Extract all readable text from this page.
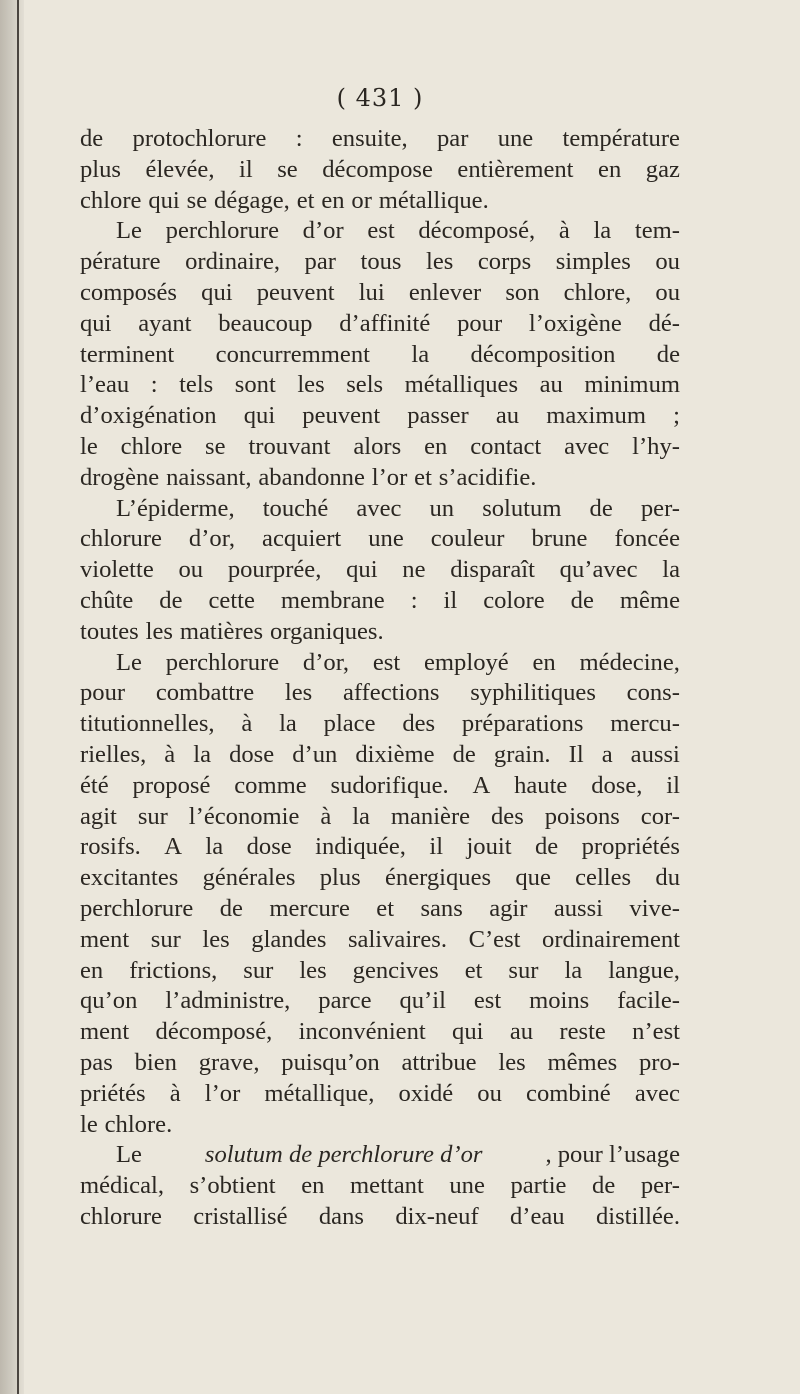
( 431 )
de protochlorure : ensuite, par une température
plus élevée, il se décompose entièrement en gaz
chlore qui se dégage, et en or métallique.
Le perchlorure d’or est décomposé, à la tem-
pérature ordinaire, par tous les corps simples ou
composés qui peuvent lui enlever son chlore, ou
qui ayant beaucoup d’affinité pour l’oxigène dé-
terminent concurremment la décomposition de
l’eau : tels sont les sels métalliques au minimum
d’oxigénation qui peuvent passer au maximum ;
le chlore se trouvant alors en contact avec l’hy-
drogène naissant, abandonne l’or et s’acidifie.
L’épiderme, touché avec un solutum de per-
chlorure d’or, acquiert une couleur brune foncée
violette ou pourprée, qui ne disparaît qu’avec la
chûte de cette membrane : il colore de même
toutes les matières organiques.
Le perchlorure d’or, est employé en médecine,
pour combattre les affections syphilitiques cons-
titutionnelles, à la place des préparations mercu-
rielles, à la dose d’un dixième de grain. Il a aussi
été proposé comme sudorifique. A haute dose, il
agit sur l’économie à la manière des poisons cor-
rosifs. A la dose indiquée, il jouit de propriétés
excitantes générales plus énergiques que celles du
perchlorure de mercure et sans agir aussi vive-
ment sur les glandes salivaires. C’est ordinairement
en frictions, sur les gencives et sur la langue,
qu’on l’administre, parce qu’il est moins facile-
ment décomposé, inconvénient qui au reste n’est
pas bien grave, puisqu’on attribue les mêmes pro-
priétés à l’or métallique, oxidé ou combiné avec
le chlore.
Le	solutum de perchlorure d’or	, pour l’usage
médical, s’obtient en mettant une partie de per-
chlorure cristallisé dans dix-neuf d’eau distillée.
